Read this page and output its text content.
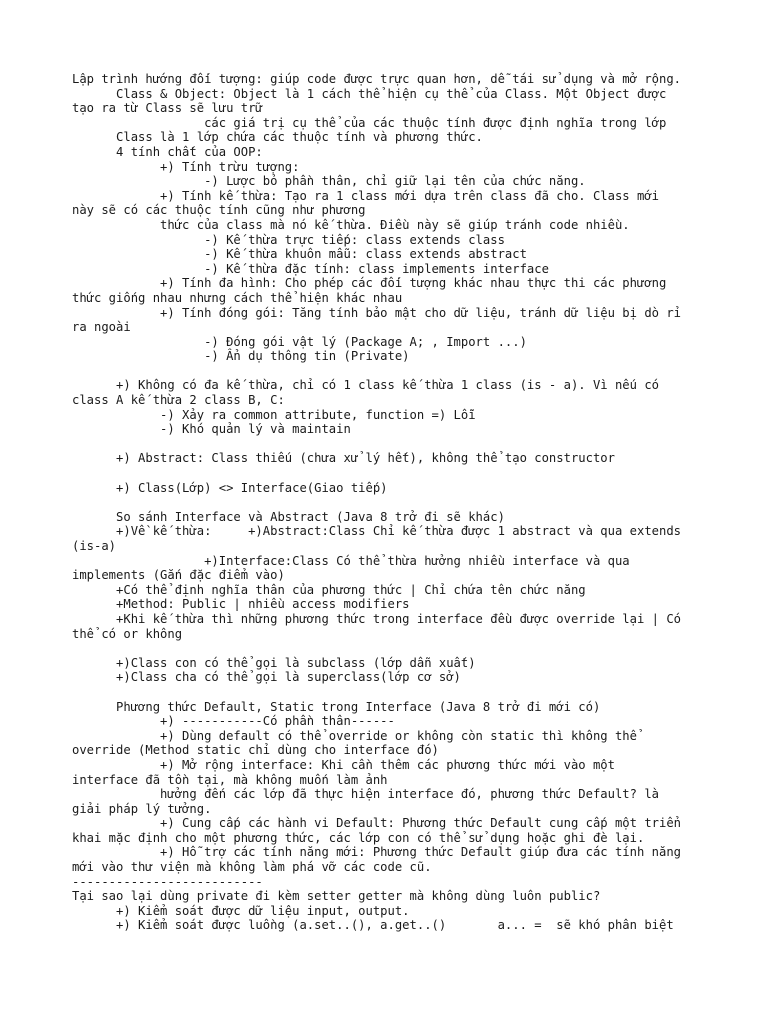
Lập trình hướng đối tượng: giúp code được trực quan hơn, dễ tái sử dụng và mở rộng.
Class & Object: Object là 1 cách thể hiện cụ thể của Class. Một Object được
tạo ra từ Class sẽ lưu trữ
các giá trị cụ thể của các thuộc tính được định nghĩa trong lớp
Class là 1 lớp chứa các thuộc tính và phương thức.
4 tính chất của OOP:
+) Tính trừu tượng:
-) Lược bỏ phần thân, chỉ giữ lại tên của chức năng.
+) Tính kế thừa: Tạo ra 1 class mới dựa trên class đã cho. Class mới
này sẽ có các thuộc tính cũng như phương
thức của class mà nó kế thừa. Điều này sẽ giúp tránh code nhiều.
-) Kế thừa trực tiếp: class extends class
-) Kế thừa khuôn mẫu: class extends abstract
-) Kế thừa đặc tính: class implements interface
+) Tính đa hình: Cho phép các đối tượng khác nhau thực thi các phương
thức giống nhau nhưng cách thể hiện khác nhau
+) Tính đóng gói: Tăng tính bảo mật cho dữ liệu, tránh dữ liệu bị dò rỉ
ra ngoài
-) Đóng gói vật lý (Package A; , Import ...)
-) Ẩn dụ thông tin (Private)
+) Không có đa kế thừa, chỉ có 1 class kế thừa 1 class (is - a). Vì nếu có
class A kế thừa 2 class B, C:
-) Xảy ra common attribute, function =) Lỗi
-) Khó quản lý và maintain
+) Abstract: Class thiếu (chưa xử lý hết), không thể tạo constructor
+) Class(Lớp) <> Interface(Giao tiếp)
So sánh Interface và Abstract (Java 8 trở đi sẽ khác)
+)Về kế thừa:     +)Abstract:Class Chỉ kế thừa được 1 abstract và qua extends
(is-a)
+)Interface:Class Có thể thừa hưởng nhiều interface và qua
implements (Gắn đặc điểm vào)
+Có thể định nghĩa thân của phương thức | Chỉ chứa tên chức năng
+Method: Public | nhiều access modifiers
+Khi kế thừa thì những phương thức trong interface đều được override lại | Có
thể có or không
+)Class con có thể gọi là subclass (lớp dẫn xuất)
+)Class cha có thể gọi là superclass(lớp cơ sở)
Phương thức Default, Static trong Interface (Java 8 trở đi mới có)
+) -----------Có phần thân------
+) Dùng default có thể override or không còn static thì không thể
override (Method static chỉ dùng cho interface đó)
+) Mở rộng interface: Khi cần thêm các phương thức mới vào một
interface đã tồn tại, mà không muốn làm ảnh
hưởng đến các lớp đã thực hiện interface đó, phương thức Default? là
giải pháp lý tưởng.
+) Cung cấp các hành vi Default: Phương thức Default cung cấp một triển
khai mặc định cho một phương thức, các lớp con có thể sử dụng hoặc ghi đè lại.
+) Hỗ trợ các tính năng mới: Phương thức Default giúp đưa các tính năng
mới vào thư viện mà không làm phá vỡ các code cũ.
--------------------------
Tại sao lại dùng private đi kèm setter getter mà không dùng luôn public?
+) Kiểm soát được dữ liệu input, output.
+) Kiểm soát được luồng (a.set..(), a.get..()       a... =  sẽ khó phân biệt
